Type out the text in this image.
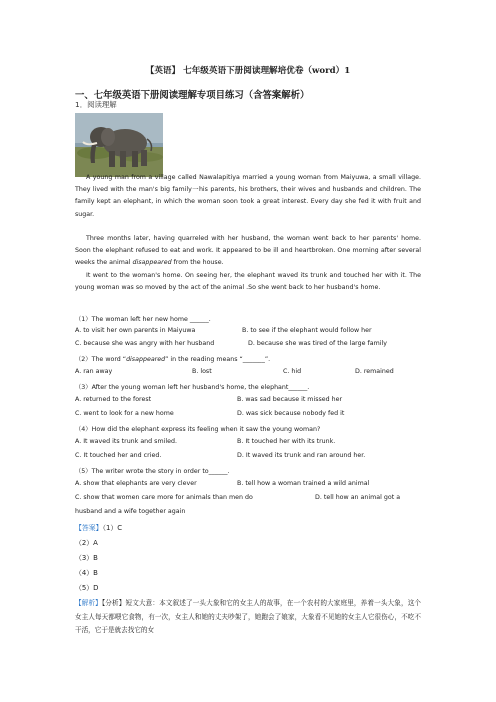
【英语】 七年级英语下册阅读理解培优卷（word）1
一、七年级英语下册阅读理解专项目练习（含答案解析）
1．阅读理解
A young man from a village called Nawalapitiya married a young woman from Maiyuwa, a small village. They lived with the man's big family一his parents, his brothers, their wives and husbands and children. The family kept an elephant, in which the woman soon took a great interest. Every day she fed it with fruit and sugar.
Three months later, having quarreled with her husband, the woman went back to her parents' home. Soon the elephant refused to eat and work. It appeared to be ill and heartbroken. One morning after several weeks the animal disappeared from the house.
It went to the woman's home. On seeing her, the elephant waved its trunk and touched her with it. The young woman was so moved by the act of the animal .So she went back to her husband's home.
（1）The woman left her new home ______.
A. to visit her own parents in Maiyuwa	B. to see if the elephant would follow her
C. because she was angry with her husband	D. because she was tired of the large family
（2）The word “disappeared” in the reading means “_______”.
A. ran away	B. lost	C. hid	D. remained
（3）After the young woman left her husband's home, the elephant______.
A. returned to the forest	B. was sad because it missed her
C. went to look for a new home	D. was sick because nobody fed it
（4）How did the elephant express its feeling when it saw the young woman?
A. It waved its trunk and smiled.	B. It touched her with its trunk.
C. It touched her and cried.	D. It waved its trunk and ran around her.
（5）The writer wrote the story in order to______.
A. show that elephants are very clever	B. tell how a woman trained a wild animal
C. show that women care more for animals than men do	D. tell how an animal got a
husband and a wife together again
【答案】（1）C
（2）A
（3）B
（4）B
（5）D
【解析】【分析】短文大意：本文叙述了一头大象和它的女主人的故事，在一个农村的大家庭里，养着一头大象，这个女主人每天都喂它食物，有一次，女主人和她的丈夫吵架了，她跑会了娘家，大象看不见她的女主人它很伤心，不吃不干活，它于是就去找它的女
